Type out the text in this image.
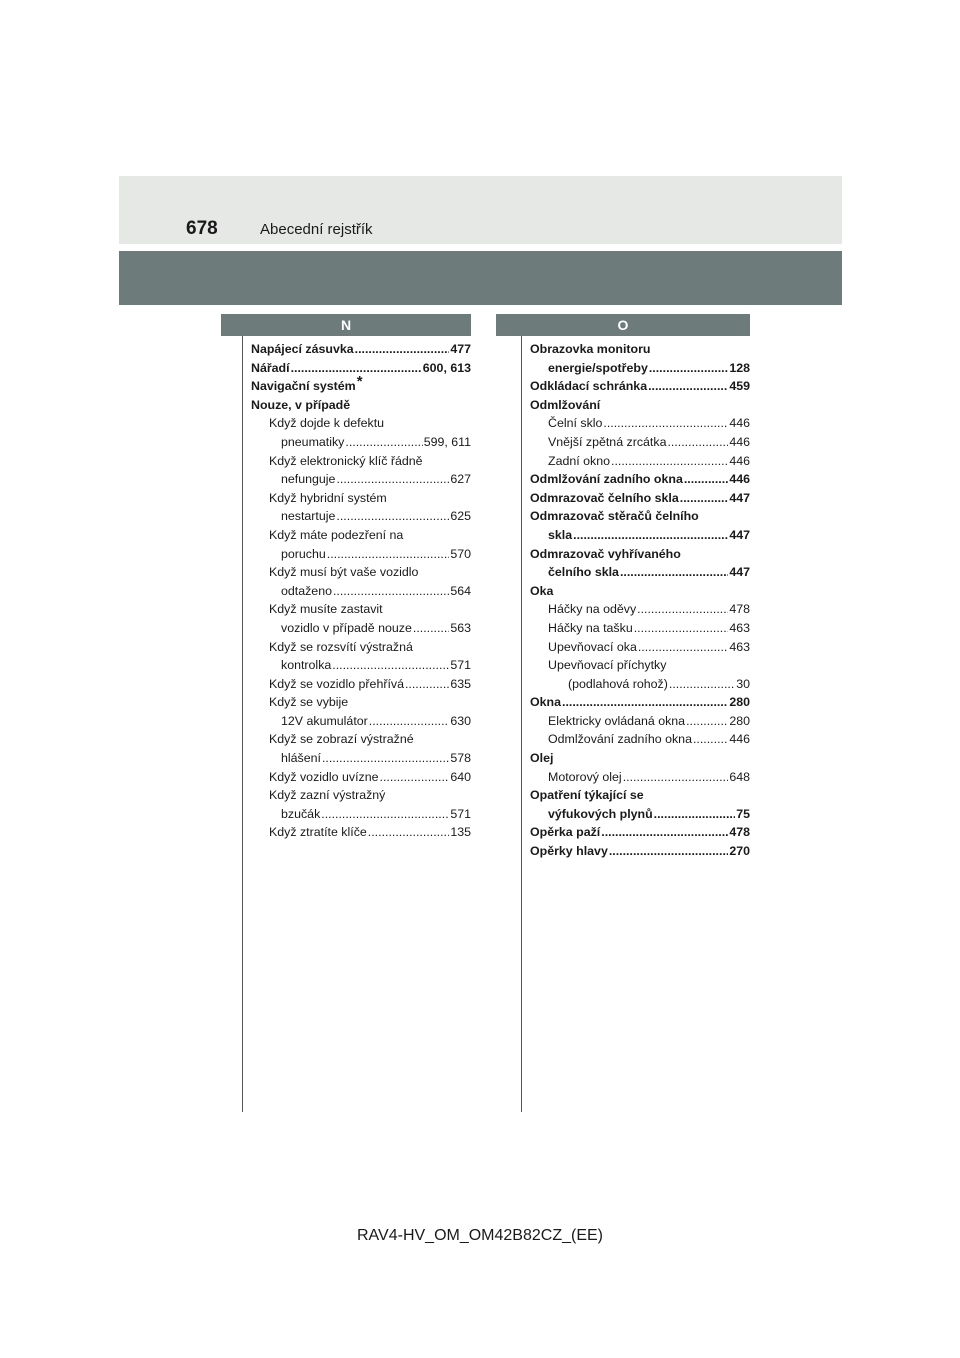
678	Abecední rejstřík
N	O
Napájecí zásuvka .....	477
Nářadí .....	600, 613
Navigační systém *
Nouze, v případě
Když dojde k defektu
pneumatiky .....	599, 611
Když elektronický klíč řádně
nefunguje .....	627
Když hybridní systém
nestartuje .....	625
Když máte podezření na
poruchu .....	570
Když musí být vaše vozidlo
odtaženo .....	564
Když musíte zastavit
vozidlo v případě nouze .....	563
Když se rozsvítí výstražná
kontrolka .....	571
Když se vozidlo přehřívá .....	635
Když se vybije
12V akumulátor .....	630
Když se zobrazí výstražné
hlášení .....	578
Když vozidlo uvízne .....	640
Když zazní výstražný
bzučák .....	571
Když ztratíte klíče .....	135
Obrazovka monitoru
energie/spotřeby .....	128
Odkládací schránka .....	459
Odmlžování
Čelní sklo .....	446
Vnější zpětná zrcátka .....	446
Zadní okno .....	446
Odmlžování zadního okna .....	446
Odmrazovač čelního skla .....	447
Odmrazovač stěračů čelního
skla .....	447
Odmrazovač vyhřívaného
čelního skla .....	447
Oka
Háčky na oděvy .....	478
Háčky na tašku .....	463
Upevňovací oka .....	463
Upevňovací příchytky
(podlahová rohož) .....	30
Okna .....	280
Elektricky ovládaná okna .....	280
Odmlžování zadního okna .....	446
Olej
Motorový olej .....	648
Opatření týkající se
výfukových plynů .....	75
Opěrka paží .....	478
Opěrky hlavy .....	270
RAV4-HV_OM_OM42B82CZ_(EE)
